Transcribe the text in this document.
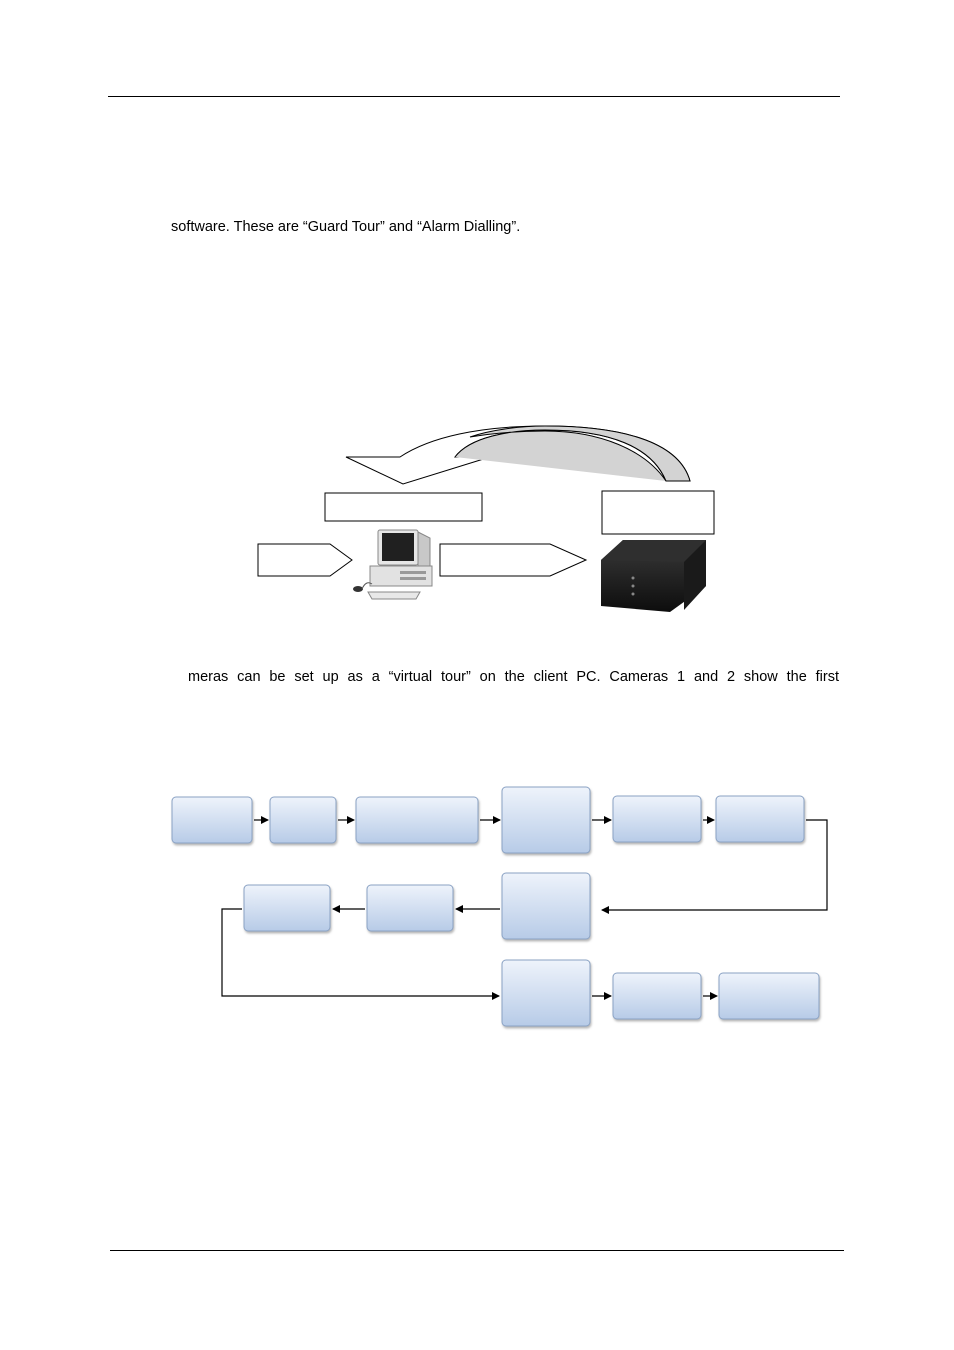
software. These are “Guard Tour” and “Alarm Dialling”.
meras can be set up as a “virtual tour” on the client PC. Cameras 1 and 2 show the first
